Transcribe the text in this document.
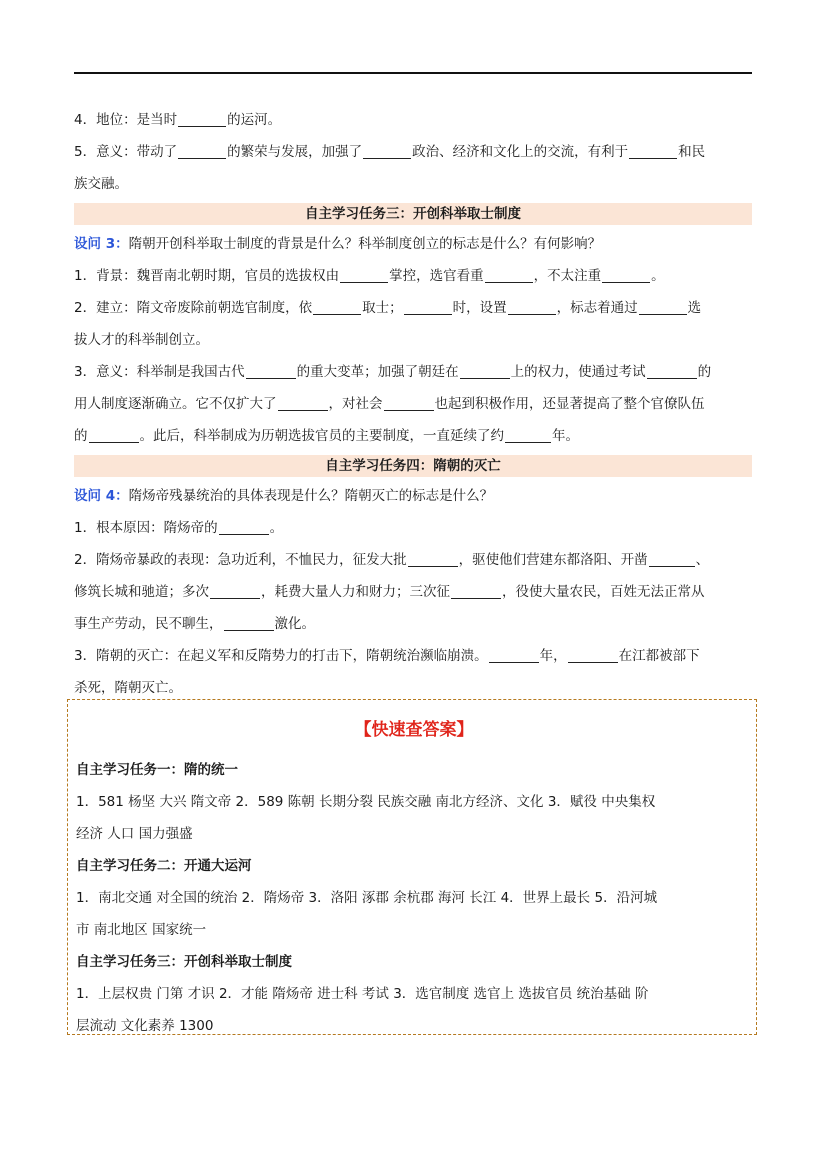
4．地位：是当时	的运河。
5．意义：带动了	的繁荣与发展，加强了	政治、经济和文化上的交流，有利于	和民
族交融。
自主学习任务三：开创科举取士制度
设问 3：隋朝开创科举取士制度的背景是什么？科举制度创立的标志是什么？有何影响？
1．背景：魏晋南北朝时期，官员的选拔权由	掌控，选官看重	，不太注重	。
2．建立：隋文帝废除前朝选官制度，依	取士；	时，设置	，标志着通过	选
拔人才的科举制创立。
3．意义：科举制是我国古代	的重大变革；加强了朝廷在	上的权力，使通过考试	的
用人制度逐渐确立。它不仅扩大了	，对社会	也起到积极作用，还显著提高了整个官僚队伍
的	。此后，科举制成为历朝选拔官员的主要制度，一直延续了约	年。
自主学习任务四：隋朝的灭亡
设问 4：隋炀帝残暴统治的具体表现是什么？隋朝灭亡的标志是什么？
1．根本原因：隋炀帝的	。
2．隋炀帝暴政的表现：急功近利，不恤民力，征发大批	，驱使他们营建东都洛阳、开凿	、
修筑长城和驰道；多次	，耗费大量人力和财力；三次征	，役使大量农民，百姓无法正常从
事生产劳动，民不聊生，	激化。
3．隋朝的灭亡：在起义军和反隋势力的打击下，隋朝统治濒临崩溃。	年，	在江都被部下
杀死，隋朝灭亡。
【快速查答案】
自主学习任务一：隋的统一
1．581 杨坚 大兴 隋文帝 2．589 陈朝 长期分裂 民族交融 南北方经济、文化 3．赋役 中央集权
经济 人口 国力强盛
自主学习任务二：开通大运河
1．南北交通 对全国的统治 2．隋炀帝 3．洛阳 涿郡 余杭郡 海河 长江 4．世界上最长 5．沿河城
市 南北地区 国家统一
自主学习任务三：开创科举取士制度
1．上层权贵 门第 才识 2．才能 隋炀帝 进士科 考试 3．选官制度 选官上 选拔官员 统治基础 阶
层流动 文化素养 1300
